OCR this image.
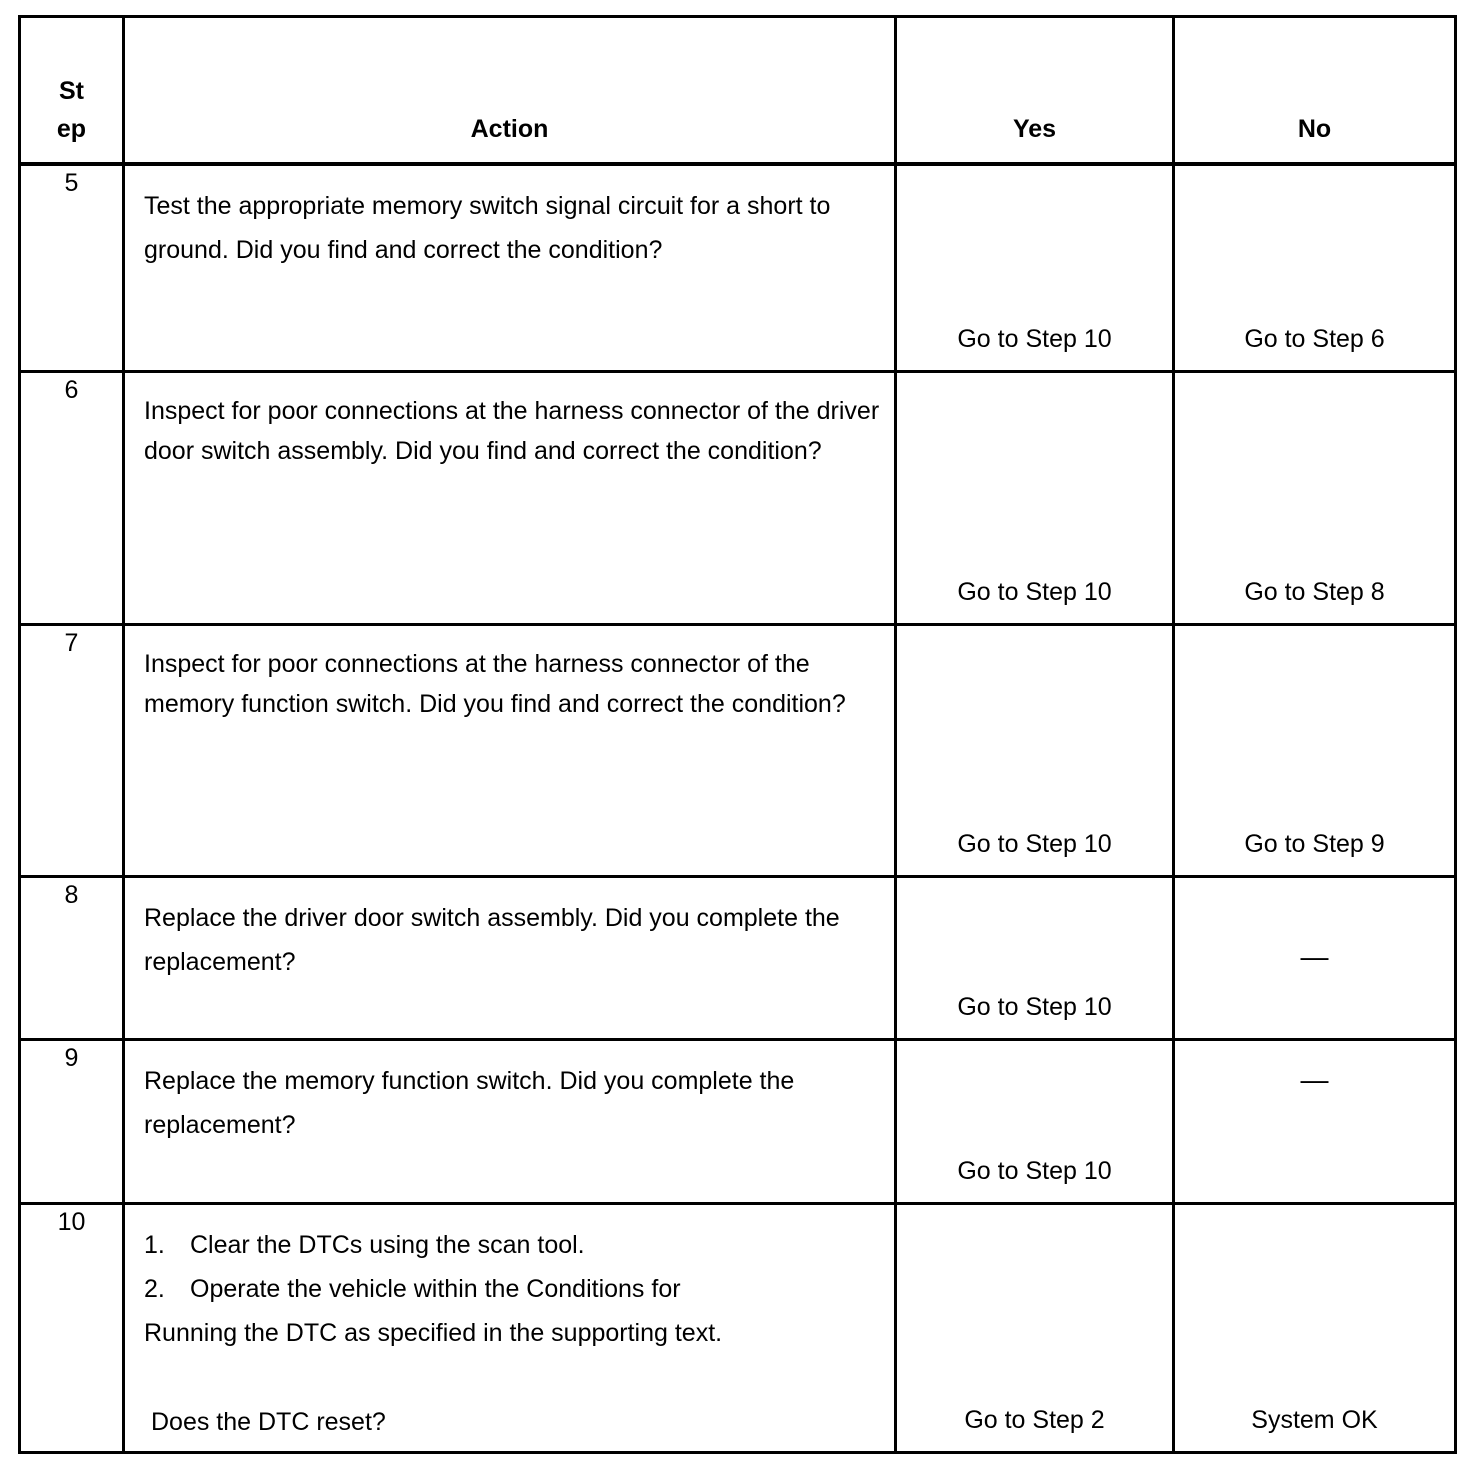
St
ep	Action	Yes	No

5	Test the appropriate memory switch signal circuit for a short to ground. Did you find and correct the condition?	Go to Step 10	Go to Step 6

6	Inspect for poor connections at the harness connector of the driver door switch assembly. Did you find and correct the condition?	Go to Step 10	Go to Step 8

7	Inspect for poor connections at the harness connector of the memory function switch. Did you find and correct the condition?	Go to Step 10	Go to Step 9

8	Replace the driver door switch assembly. Did you complete the replacement?	Go to Step 10	—

9	Replace the memory function switch. Did you complete the replacement?	Go to Step 10	—

10	1. Clear the DTCs using the scan tool.
2. Operate the vehicle within the Conditions for
Running the DTC as specified in the supporting text.
Does the DTC reset?	Go to Step 2	System OK
